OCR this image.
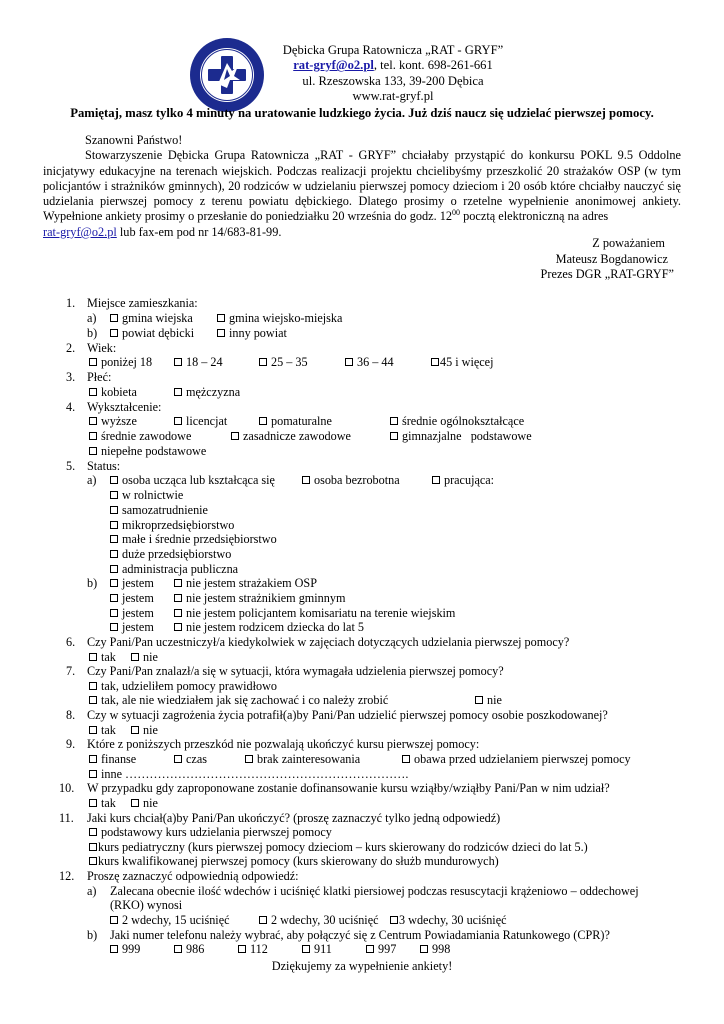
Dębicka Grupa Ratownicza „RAT - GRYF”
rat-gryf@o2.pl, tel. kont. 698-261-661
ul. Rzeszowska 133, 39-200 Dębica
www.rat-gryf.pl
Pamiętaj, masz tylko 4 minuty na uratowanie ludzkiego życia. Już dziś naucz się udzielać pierwszej pomocy.

Szanowni Państwo!

Stowarzyszenie Dębicka Grupa Ratownicza „RAT - GRYF” chciałaby przystąpić do konkursu POKL 9.5 Oddolne inicjatywy edukacyjne na terenach wiejskich. Podczas realizacji projektu chcielibyśmy przeszkolić 20 strażaków OSP (w tym policjantów i strażników gminnych), 20 rodziców w udzielaniu pierwszej pomocy dzieciom i 20 osób które chciałby nauczyć się udzielania pierwszej pomocy z terenu powiatu dębickiego. Dlatego prosimy o rzetelne wypełnienie anonimowej ankiety. Wypełnione ankiety prosimy o przesłanie do poniedziałku 20 września do godz. $12^{00}$ pocztą elektroniczną na adres
rat-gryf@o2.pl lub fax-em pod nr 14/683-81-99.

Z poważaniem
Mateusz Bogdanowicz
Prezes DGR „RAT-GRYF”
1. Miejsce zamieszkania:
a)	gmina wiejska	gmina wiejsko-miejska
b)	powiat dębicki	inny powiat
2. Wiek:
poniżej 18	18 – 24	25 – 35	36 – 44	45 i więcej
3. Płeć:
kobieta	mężczyzna
4. Wykształcenie:
wyższe	licencjat	pomaturalne	średnie ogólnokształcące
średnie zawodowe	zasadnicze zawodowe	gimnazjalne   podstawowe
niepełne podstawowe
5. Status:
a)	osoba ucząca lub kształcąca się	osoba bezrobotna	pracująca:
w rolnictwie
samozatrudnienie
mikroprzedsiębiorstwo
małe i średnie przedsiębiorstwo
duże przedsiębiorstwo
administracja publiczna
b)	jestem	nie jestem strażakiem OSP
jestem	nie jestem strażnikiem gminnym
jestem	nie jestem policjantem komisariatu na terenie wiejskim
jestem	nie jestem rodzicem dziecka do lat 5
6. Czy Pani/Pan uczestniczył/a kiedykolwiek w zajęciach dotyczących udzielania pierwszej pomocy?
tak	nie
7. Czy Pani/Pan znalazł/a się w sytuacji, która wymagała udzielenia pierwszej pomocy?
tak, udzieliłem pomocy prawidłowo
tak, ale nie wiedziałem jak się zachować i co należy zrobić	nie
8. Czy w sytuacji zagrożenia życia potrafił(a)by Pani/Pan udzielić pierwszej pomocy osobie poszkodowanej?
tak	nie
9. Które z poniższych przeszkód nie pozwalają ukończyć kursu pierwszej pomocy:
finanse	czas	brak zainteresowania	obawa przed udzielaniem pierwszej pomocy
inne …………………………………………………………….
10. W przypadku gdy zaproponowane zostanie dofinansowanie kursu wziąłby/wziąłby Pani/Pan w nim udział?
tak	nie
11. Jaki kurs chciał(a)by Pani/Pan ukończyć? (proszę zaznaczyć tylko jedną odpowiedź)
podstawowy kurs udzielania pierwszej pomocy
kurs pediatryczny (kurs pierwszej pomocy dzieciom – kurs skierowany do rodziców dzieci do lat 5.)
kurs kwalifikowanej pierwszej pomocy (kurs skierowany do służb mundurowych)
12. Proszę zaznaczyć odpowiednią odpowiedź:
a) Zalecana obecnie ilość wdechów i uciśnięć klatki piersiowej podczas resuscytacji krążeniowo – oddechowej
(RKO) wynosi
2 wdechy, 15 uciśnięć	2 wdechy, 30 uciśnięć	3 wdechy, 30 uciśnięć
b) Jaki numer telefonu należy wybrać, aby połączyć się z Centrum Powiadamiania Ratunkowego (CPR)?
999	986	112	911	997	998
Dziękujemy za wypełnienie ankiety!
